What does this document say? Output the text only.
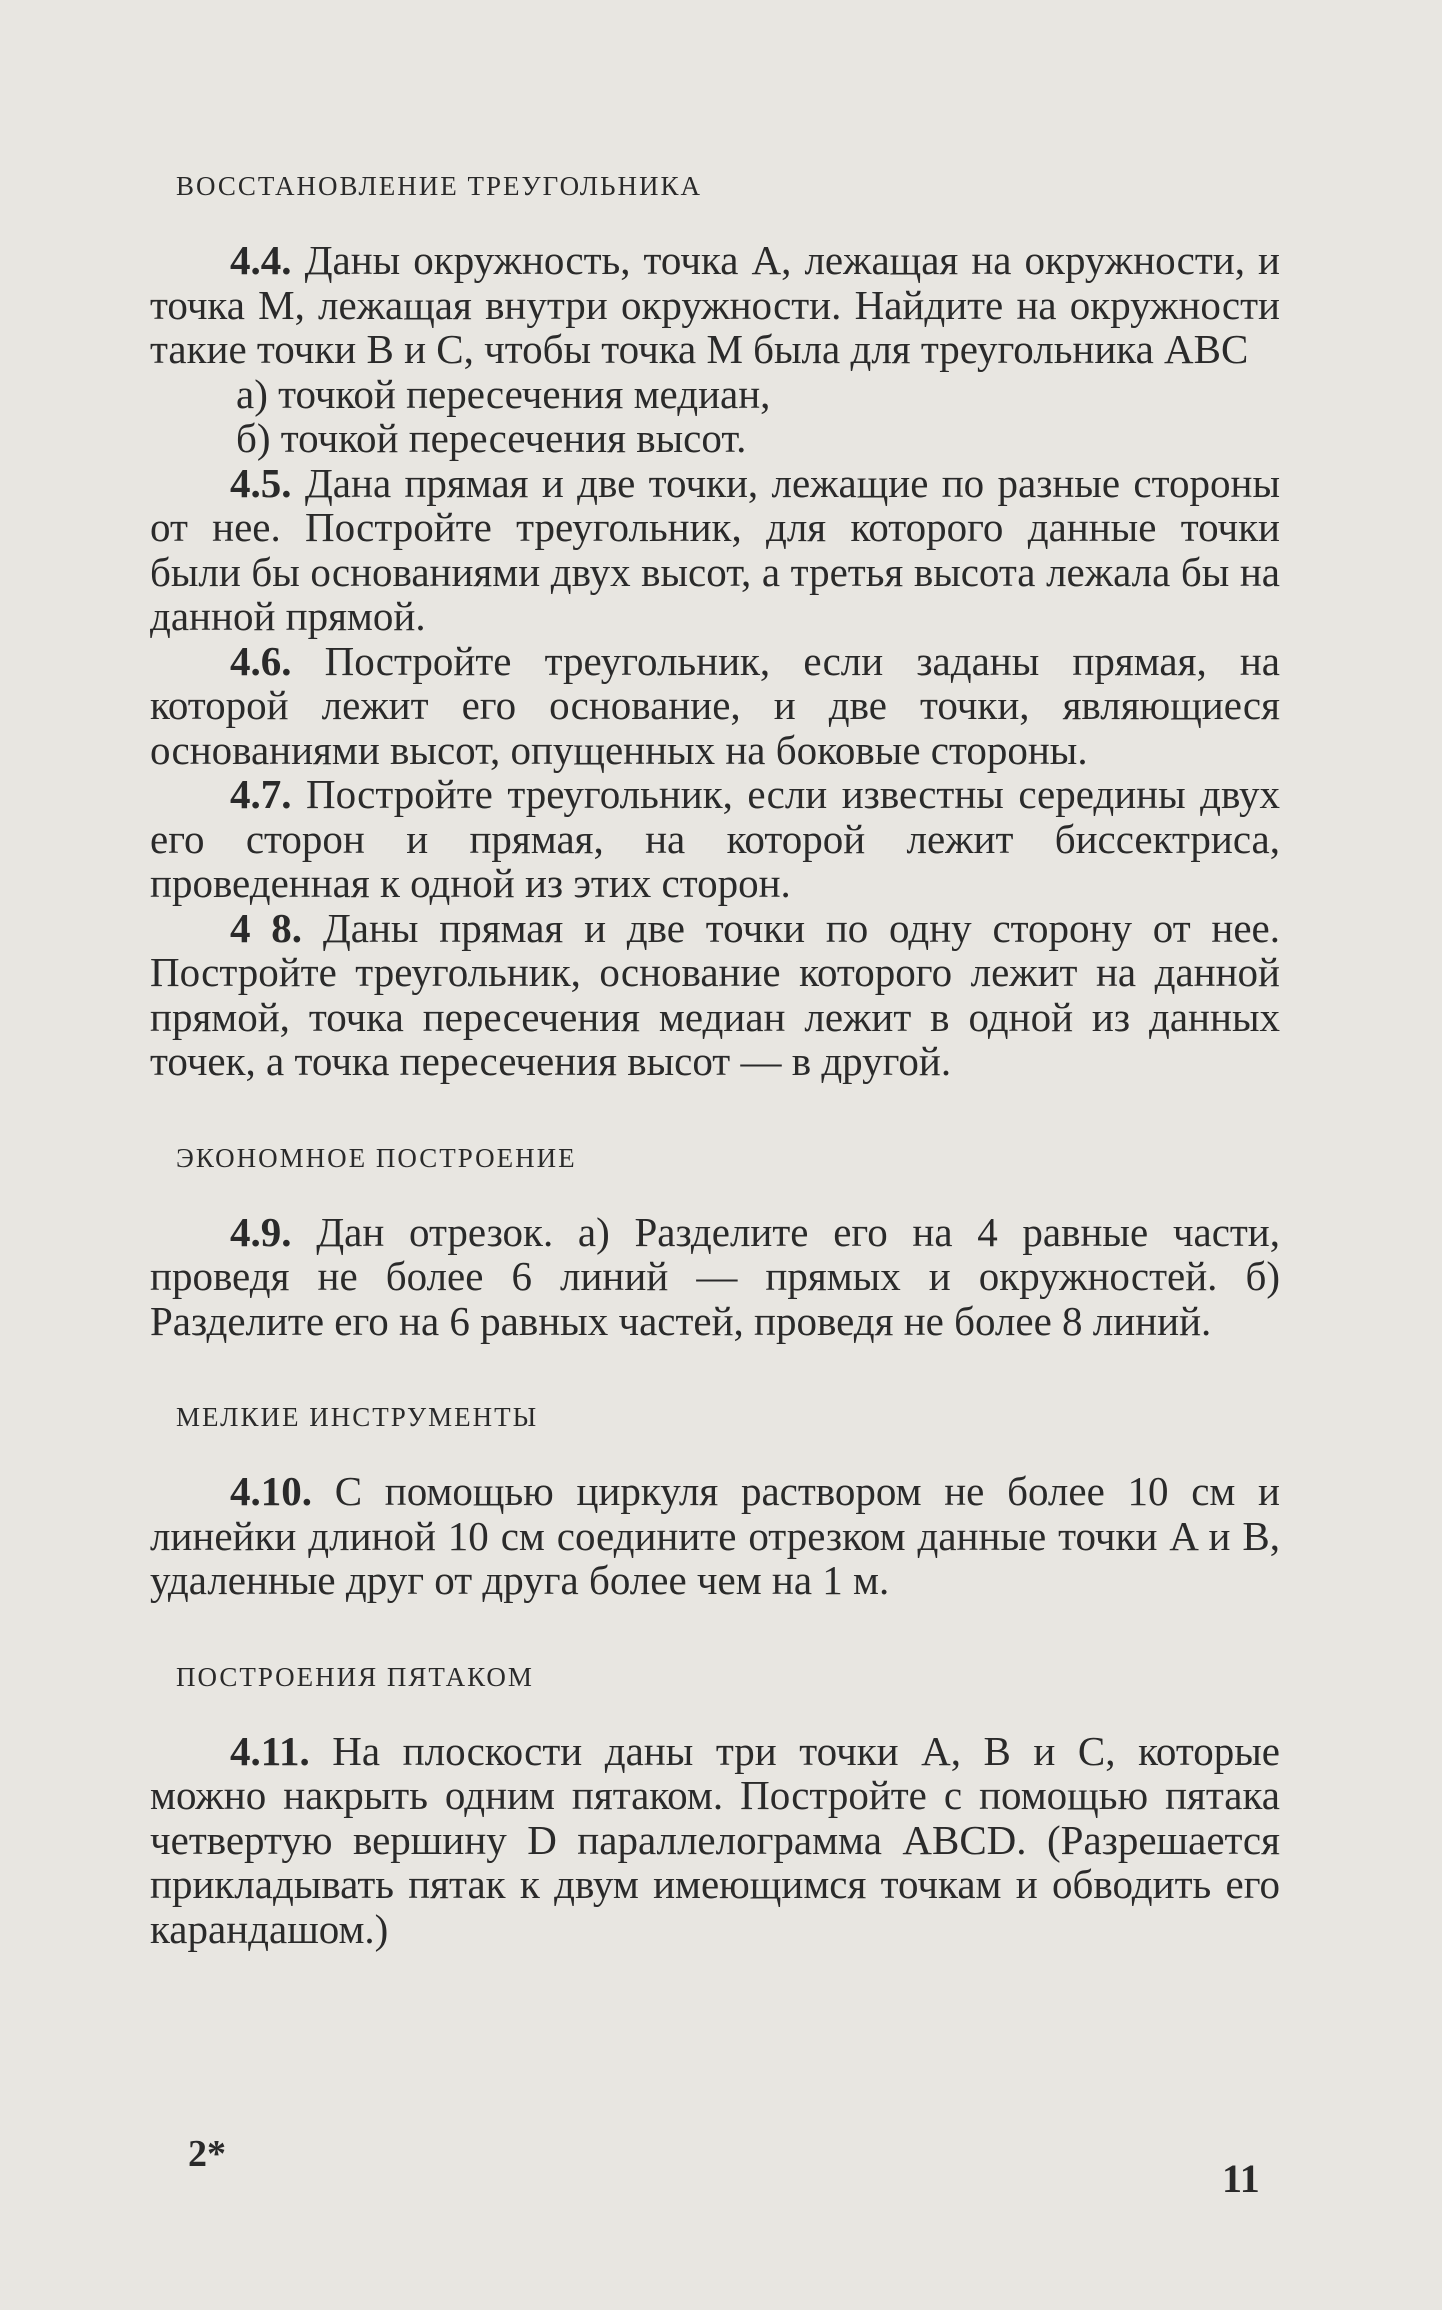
ВОССТАНОВЛЕНИЕ ТРЕУГОЛЬНИКА

4.4. Даны окружность, точка A, лежащая на окружности, и точка M, лежащая внутри окружности. Найдите на окружности такие точки B и C, чтобы точка M была для треугольника ABC

а) точкой пересечения медиан,

б) точкой пересечения высот.

4.5. Дана прямая и две точки, лежащие по разные стороны от нее. Постройте треугольник, для которого данные точки были бы основаниями двух высот, а третья высота лежала бы на данной прямой.

4.6. Постройте треугольник, если заданы прямая, на которой лежит его основание, и две точки, являющиеся основаниями высот, опущенных на боковые стороны.

4.7. Постройте треугольник, если известны середины двух его сторон и прямая, на которой лежит биссектриса, проведенная к одной из этих сторон.

4 8. Даны прямая и две точки по одну сторону от нее. Постройте треугольник, основание которого лежит на данной прямой, точка пересечения медиан лежит в одной из данных точек, а точка пересечения высот — в другой.

ЭКОНОМНОЕ ПОСТРОЕНИЕ

4.9. Дан отрезок. а) Разделите его на 4 равные части, проведя не более 6 линий — прямых и окружностей. б) Разделите его на 6 равных частей, проведя не более 8 линий.

МЕЛКИЕ ИНСТРУМЕНТЫ

4.10. С помощью циркуля раствором не более 10 см и линейки длиной 10 см соедините отрезком данные точки A и B, удаленные друг от друга более чем на 1 м.

ПОСТРОЕНИЯ ПЯТАКОМ

4.11. На плоскости даны три точки A, B и C, которые можно накрыть одним пятаком. Постройте с помощью пятака четвертую вершину D параллелограмма ABCD. (Разрешается прикладывать пятак к двум имеющимся точкам и обводить его карандашом.)

2*
11
